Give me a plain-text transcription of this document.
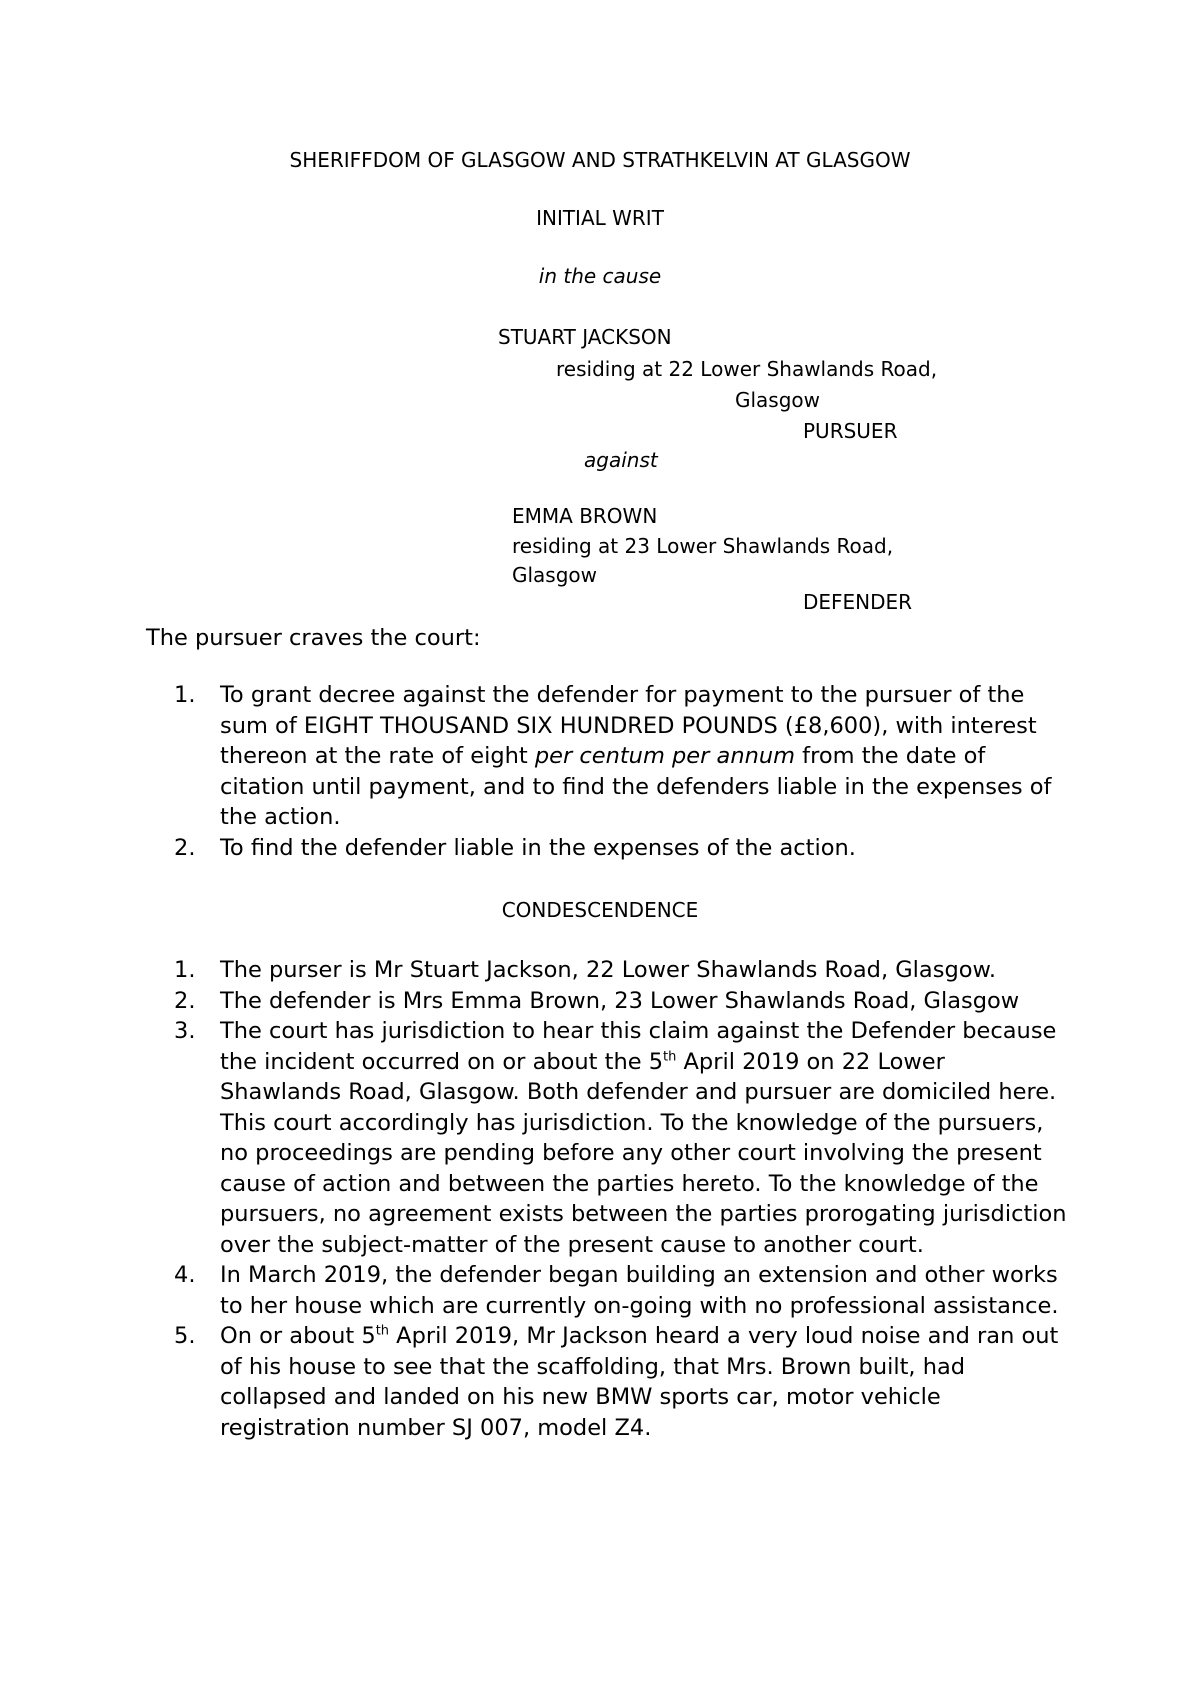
SHERIFFDOM OF GLASGOW AND STRATHKELVIN AT GLASGOW
INITIAL WRIT
in the cause
STUART JACKSON
residing at 22 Lower Shawlands Road,
Glasgow
PURSUER
against
EMMA BROWN
residing at 23 Lower Shawlands Road,
Glasgow
DEFENDER
The pursuer craves the court:
1. To grant decree against the defender for payment to the pursuer of the sum of EIGHT THOUSAND SIX HUNDRED POUNDS (£8,600), with interest thereon at the rate of eight per centum per annum from the date of citation until payment, and to find the defenders liable in the expenses of the action.
2. To find the defender liable in the expenses of the action.
CONDESCENDENCE
1. The purser is Mr Stuart Jackson, 22 Lower Shawlands Road, Glasgow.
2. The defender is Mrs Emma Brown, 23 Lower Shawlands Road, Glasgow
3. The court has jurisdiction to hear this claim against the Defender because the incident occurred on or about the 5th April 2019 on 22 Lower Shawlands Road, Glasgow. Both defender and pursuer are domiciled here. This court accordingly has jurisdiction. To the knowledge of the pursuers, no proceedings are pending before any other court involving the present cause of action and between the parties hereto. To the knowledge of the pursuers, no agreement exists between the parties prorogating jurisdiction over the subject-matter of the present cause to another court.
4. In March 2019, the defender began building an extension and other works to her house which are currently on-going with no professional assistance.
5. On or about 5th April 2019, Mr Jackson heard a very loud noise and ran out of his house to see that the scaffolding, that Mrs. Brown built, had collapsed and landed on his new BMW sports car, motor vehicle registration number SJ 007, model Z4.
